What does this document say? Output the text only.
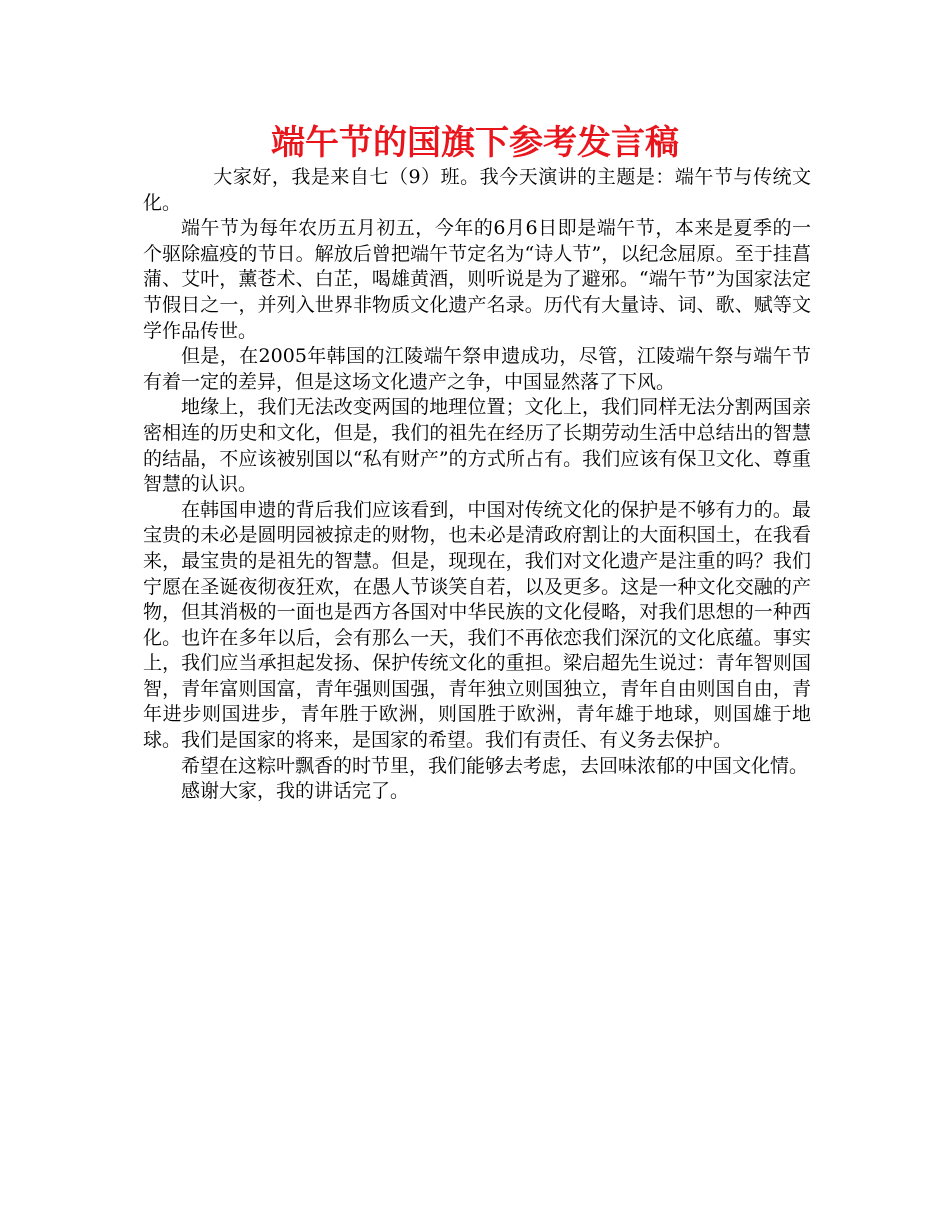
端午节的国旗下参考发言稿

大家好，我是来自七（9）班。我今天演讲的主题是：端午节与传统文化。

端午节为每年农历五月初五，今年的6月6日即是端午节，本来是夏季的一个驱除瘟疫的节日。解放后曾把端午节定名为“诗人节”，以纪念屈原。至于挂菖蒲、艾叶，薰苍术、白芷，喝雄黄酒，则听说是为了避邪。“端午节”为国家法定节假日之一，并列入世界非物质文化遗产名录。历代有大量诗、词、歌、赋等文学作品传世。

但是，在2005年韩国的江陵端午祭申遗成功，尽管，江陵端午祭与端午节有着一定的差异，但是这场文化遗产之争，中国显然落了下风。

地缘上，我们无法改变两国的地理位置；文化上，我们同样无法分割两国亲密相连的历史和文化，但是，我们的祖先在经历了长期劳动生活中总结出的智慧的结晶，不应该被别国以“私有财产”的方式所占有。我们应该有保卫文化、尊重智慧的认识。

在韩国申遗的背后我们应该看到，中国对传统文化的保护是不够有力的。最宝贵的未必是圆明园被掠走的财物，也未必是清政府割让的大面积国土，在我看来，最宝贵的是祖先的智慧。但是，现现在，我们对文化遗产是注重的吗？我们宁愿在圣诞夜彻夜狂欢，在愚人节谈笑自若，以及更多。这是一种文化交融的产物，但其消极的一面也是西方各国对中华民族的文化侵略，对我们思想的一种西化。也许在多年以后，会有那么一天，我们不再依恋我们深沉的文化底蕴。事实上，我们应当承担起发扬、保护传统文化的重担。梁启超先生说过：青年智则国智，青年富则国富，青年强则国强，青年独立则国独立，青年自由则国自由，青年进步则国进步，青年胜于欧洲，则国胜于欧洲，青年雄于地球，则国雄于地球。我们是国家的将来，是国家的希望。我们有责任、有义务去保护。

希望在这粽叶飘香的时节里，我们能够去考虑，去回味浓郁的中国文化情。

感谢大家，我的讲话完了。
